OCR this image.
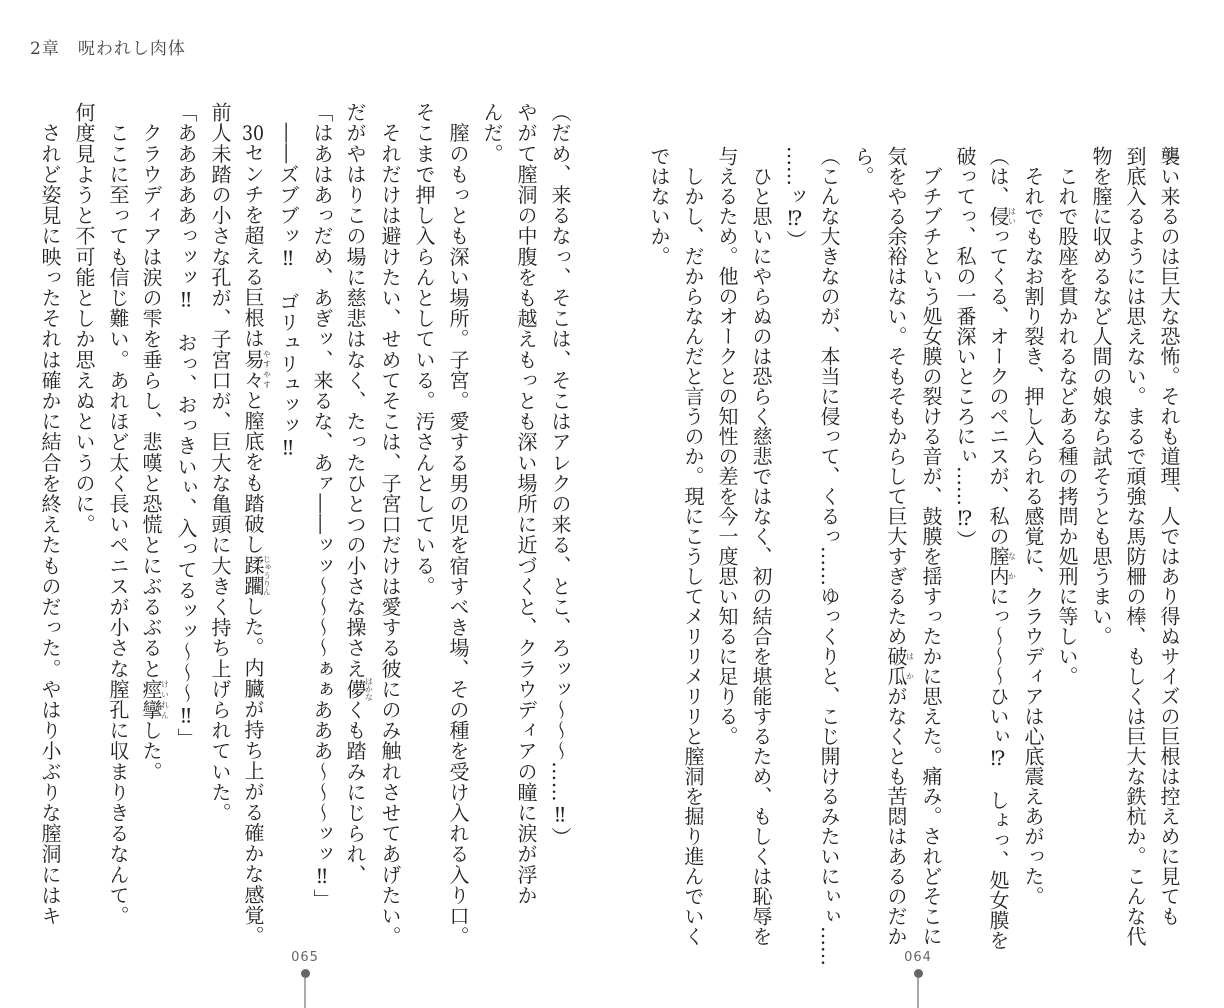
2章　呪われし肉体
襲い来るのは巨大な恐怖。それも道理、人ではあり得ぬサイズの巨根は控えめに見ても
到底入るようには思えない。まるで頑強な馬防柵の棒、もしくは巨大な鉄杭か。こんな代
物を膣に収めるなど人間の娘なら試そうとも思うまい。
　これで股座を貫かれるなどある種の拷問か処刑に等しい。
　それでもなお割り裂き、押し入られる感覚に、クラウディアは心底震えあがった。
（は、侵はいってくる、オークのペニスが、私の膣内なかにっ～～～ひいぃ⁉　しょっ、処女膜を
破ってっ、私の一番深いところにぃ……⁉）
　ブチブチという処女膜の裂ける音が、鼓膜を揺すったかに思えた。痛み。されどそこに
気をやる余裕はない。そもそもからして巨大すぎるため破瓜はかがなくとも苦悶はあるのだか
ら。
（こんな大きなのが、本当に侵って、くるっ……ゆっくりと、こじ開けるみたいにぃぃ……
……ッ⁉）
　ひと思いにやらぬのは恐らく慈悲ではなく、初の結合を堪能するため、もしくは恥辱を
与えるため。他のオークとの知性の差を今一度思い知るに足りる。
　しかし、だからなんだと言うのか。現にこうしてメリリメリリと膣洞を掘り進んでいく
ではないか。
（だめ、来るなっ、そこは、そこはアレクの来る、とこ、ろッッ～～～……‼）
やがて膣洞の中腹をも越えもっとも深い場所に近づくと、クラウディアの瞳に涙が浮か
んだ。
　膣のもっとも深い場所。子宮。愛する男の児を宿すべき場、その種を受け入れる入り口。
そこまで押し入らんとしている。汚さんとしている。
　それだけは避けたい、せめてそこは、子宮口だけは愛する彼にのみ触れさせてあげたい。
だがやはりこの場に慈悲はなく、たったひとつの小さな操さえ儚はかなくも踏みにじられ、
「はあはあっだめ、あぎッ、来るな、あァ――ッッ～～～～ぁぁあああ～～～ッッ‼」
　――ズブブッ‼　ゴリュリュッッ‼
　30センチを超える巨根は易々やすやすと膣底をも踏破し蹂躙じゅうりんした。内臓が持ち上がる確かな感覚。
前人未踏の小さな孔が、子宮口が、巨大な亀頭に大きく持ち上げられていた。
「あああああっッッ‼　おっ、おっきいぃ、入ってるッッ～～～‼」
　クラウディアは涙の雫を垂らし、悲嘆と恐慌とにぶるぶると痙攣けいれんした。
　ここに至っても信じ難い。あれほど太く長いペニスが小さな膣孔に収まりきるなんて。
何度見ようと不可能としか思えぬというのに。
　されど姿見に映ったそれは確かに結合を終えたものだった。やはり小ぶりな膣洞にはキ
064
065
